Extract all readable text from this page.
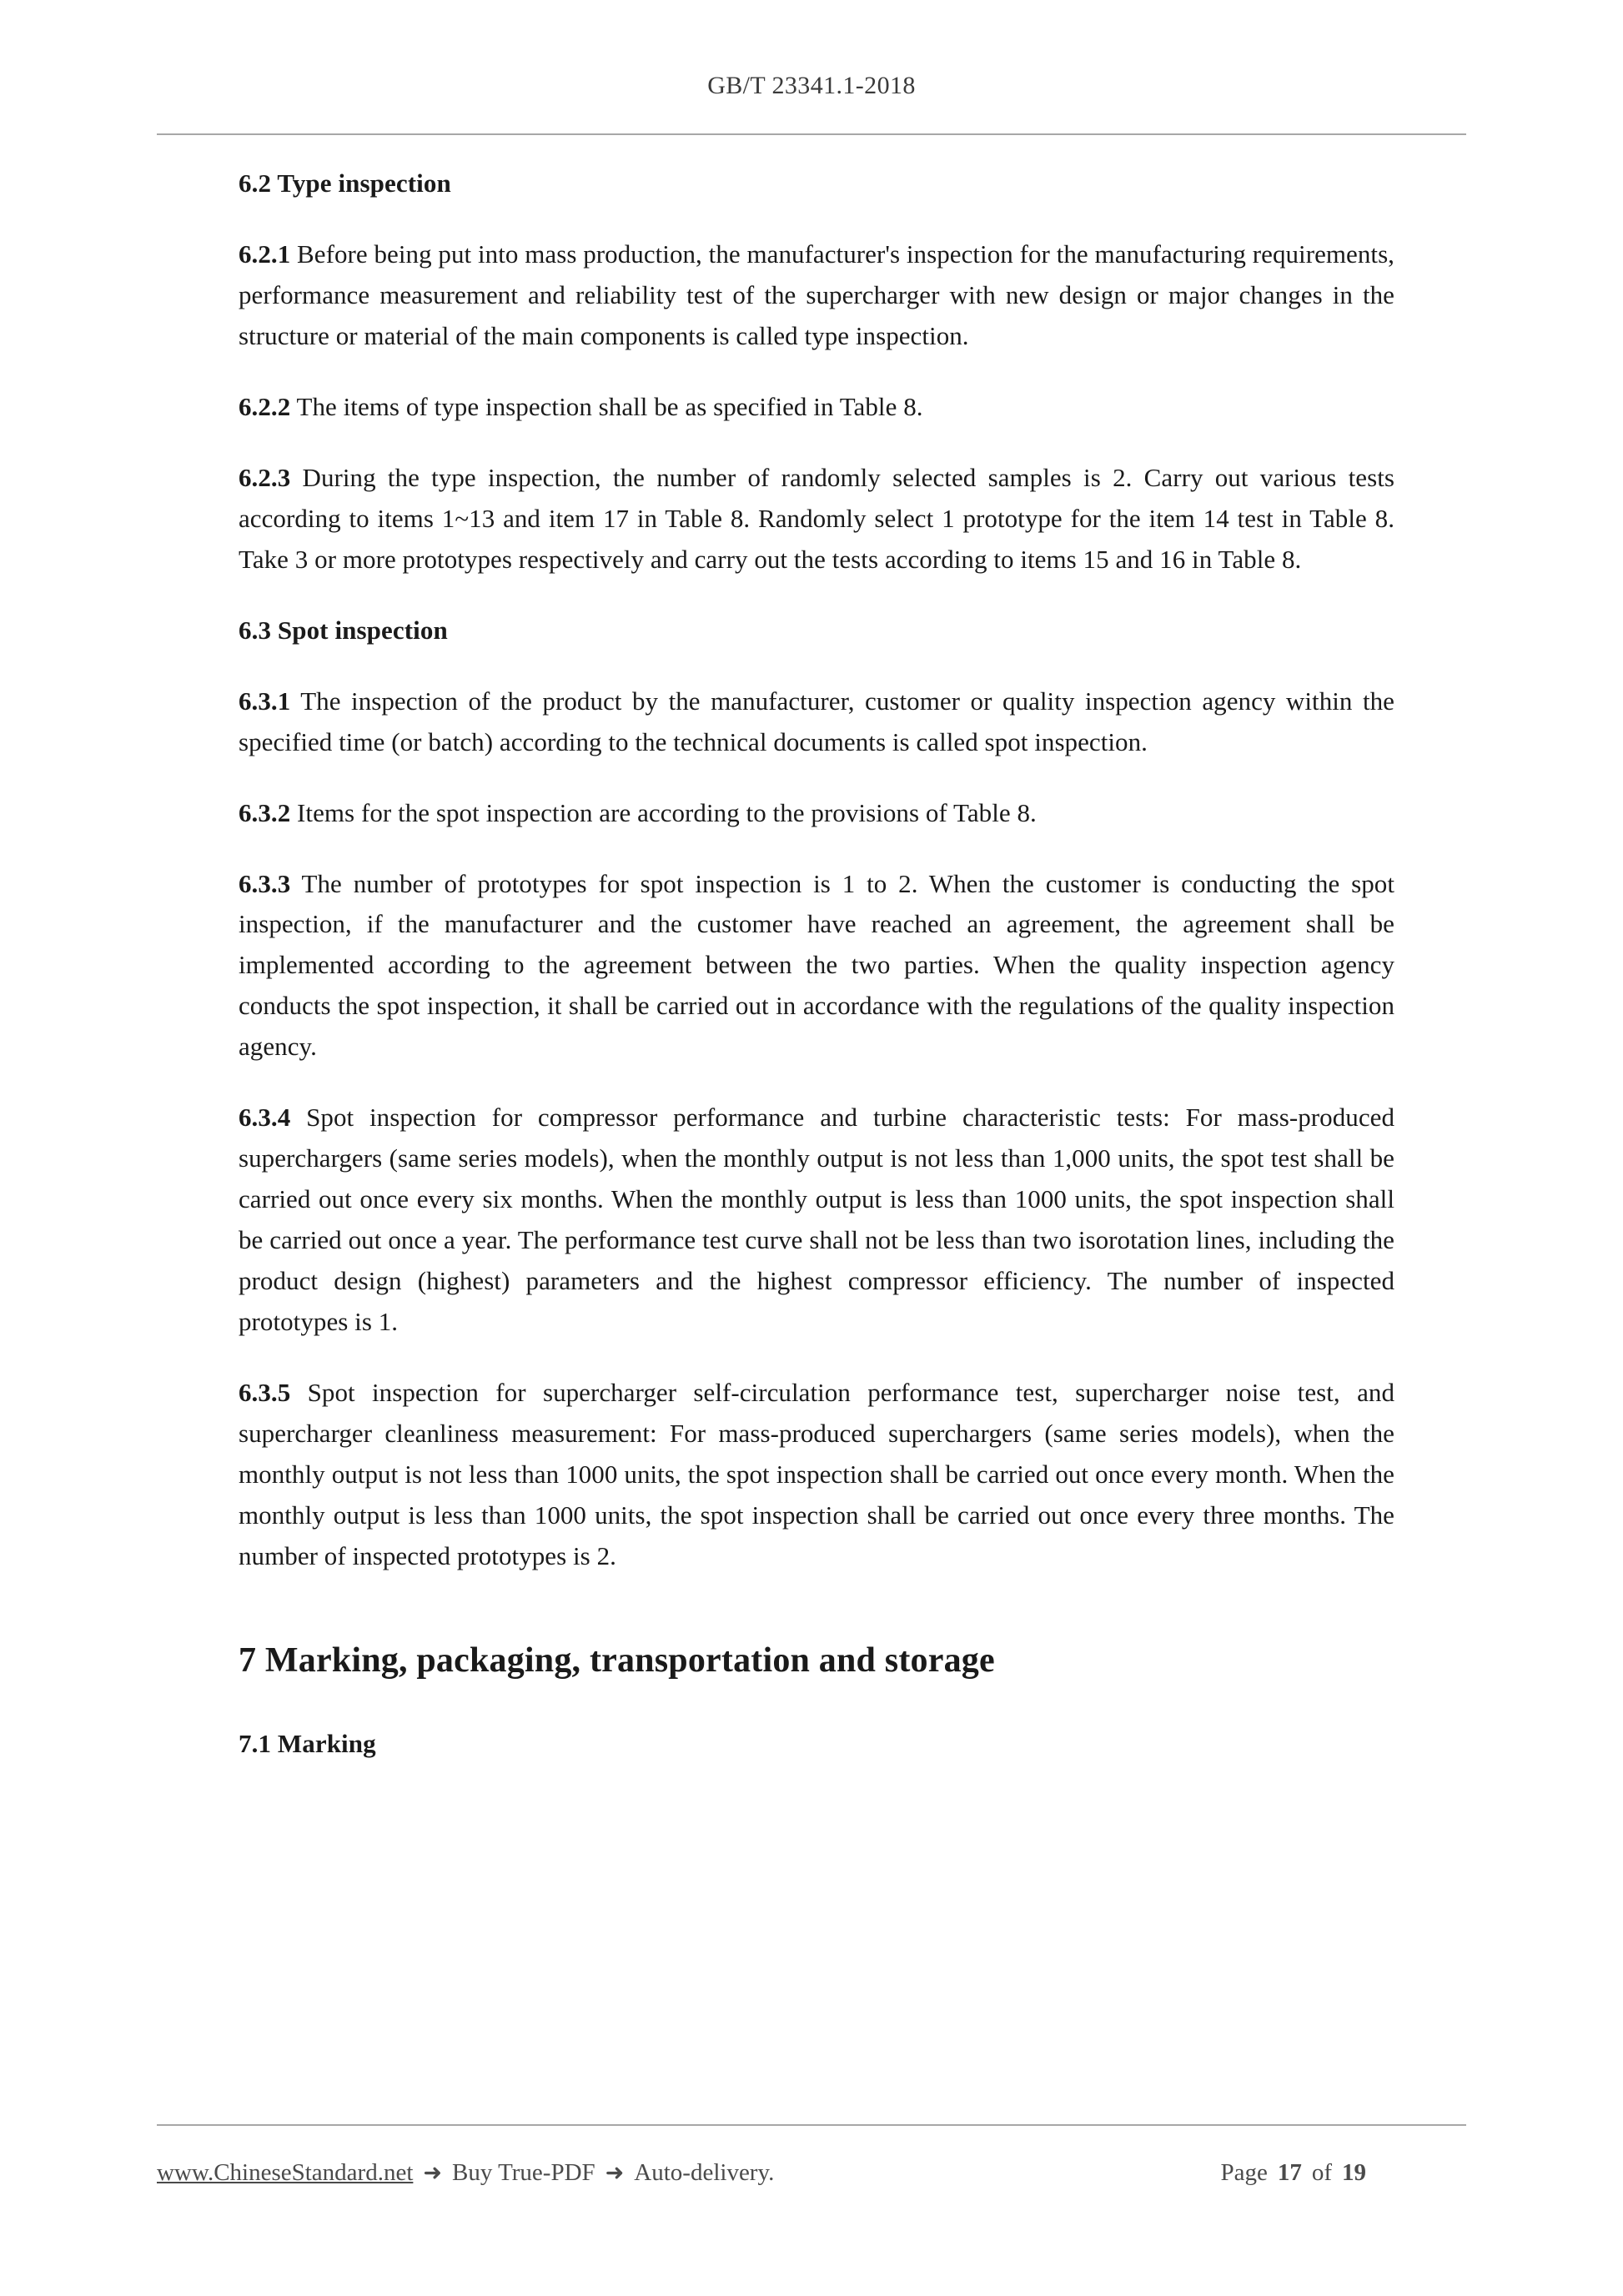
GB/T 23341.1-2018
6.2 Type inspection

6.2.1 Before being put into mass production, the manufacturer's inspection for the manufacturing requirements, performance measurement and reliability test of the supercharger with new design or major changes in the structure or material of the main components is called type inspection.

6.2.2 The items of type inspection shall be as specified in Table 8.

6.2.3 During the type inspection, the number of randomly selected samples is 2. Carry out various tests according to items 1~13 and item 17 in Table 8. Randomly select 1 prototype for the item 14 test in Table 8. Take 3 or more prototypes respectively and carry out the tests according to items 15 and 16 in Table 8.

6.3 Spot inspection

6.3.1 The inspection of the product by the manufacturer, customer or quality inspection agency within the specified time (or batch) according to the technical documents is called spot inspection.

6.3.2 Items for the spot inspection are according to the provisions of Table 8.

6.3.3 The number of prototypes for spot inspection is 1 to 2. When the customer is conducting the spot inspection, if the manufacturer and the customer have reached an agreement, the agreement shall be implemented according to the agreement between the two parties. When the quality inspection agency conducts the spot inspection, it shall be carried out in accordance with the regulations of the quality inspection agency.

6.3.4 Spot inspection for compressor performance and turbine characteristic tests: For mass-produced superchargers (same series models), when the monthly output is not less than 1,000 units, the spot test shall be carried out once every six months. When the monthly output is less than 1000 units, the spot inspection shall be carried out once a year. The performance test curve shall not be less than two isorotation lines, including the product design (highest) parameters and the highest compressor efficiency. The number of inspected prototypes is 1.

6.3.5 Spot inspection for supercharger self-circulation performance test, supercharger noise test, and supercharger cleanliness measurement: For mass-produced superchargers (same series models), when the monthly output is not less than 1000 units, the spot inspection shall be carried out once every month. When the monthly output is less than 1000 units, the spot inspection shall be carried out once every three months. The number of inspected prototypes is 2.

7 Marking, packaging, transportation and storage
7.1 Marking
www.ChineseStandard.net ➜ Buy True-PDF ➜ Auto-delivery.	Page 17 of 19
